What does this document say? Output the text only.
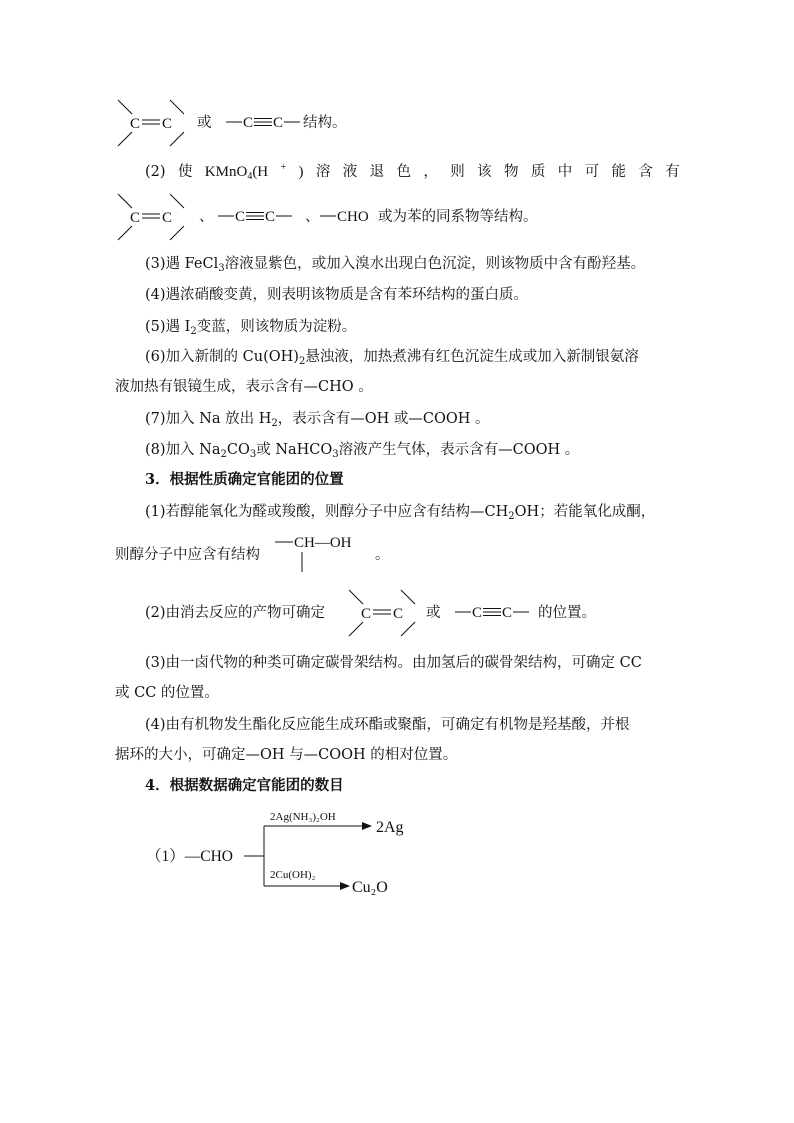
C C 或 C C 结构。
(2) 使 KMnO$_4$(H + ) 溶 液 退 色 ， 则 该 物 质 中 可 能 含 有
C C 、 C C 、 CHO 或为苯的同系物等结构。
(3)遇 FeCl$_3$溶液显紫色，或加入溴水出现白色沉淀，则该物质中含有酚羟基。
(4)遇浓硝酸变黄，则表明该物质是含有苯环结构的蛋白质。
(5)遇 $I_2$变蓝，则该物质为淀粉。
(6)加入新制的 $Cu(OH)_2$悬浊液，加热煮沸有红色沉淀生成或加入新制银氨溶
液加热有银镜生成，表示含有—CHO 。
(7)加入 Na 放出 $H_2$，表示含有—OH 或—COOH 。
(8)加入 $Na_2CO_3$或 NaHCO$_3$溶液产生气体，表示含有—COOH 。
3．根据性质确定官能团的位置
(1)若醇能氧化为醛或羧酸，则醇分子中应含有结构$—CH_2OH$；若能氧化成酮，
则醇分子中应含有结构
CH—OH
。
(2)由消去反应的产物可确定 C C 或 C C 的位置。
(3)由一卤代物的种类可确定碳骨架结构。由加氢后的碳骨架结构，可确定 CC
或 CC 的位置。
(4)由有机物发生酯化反应能生成环酯或聚酯，可确定有机物是羟基酸，并根
据环的大小，可确定—OH 与—COOH 的相对位置。
4．根据数据确定官能团的数目
（1）—CHO
2Ag(NH₃)₂OH
2Ag
2Cu(OH)₂
Cu₂O
